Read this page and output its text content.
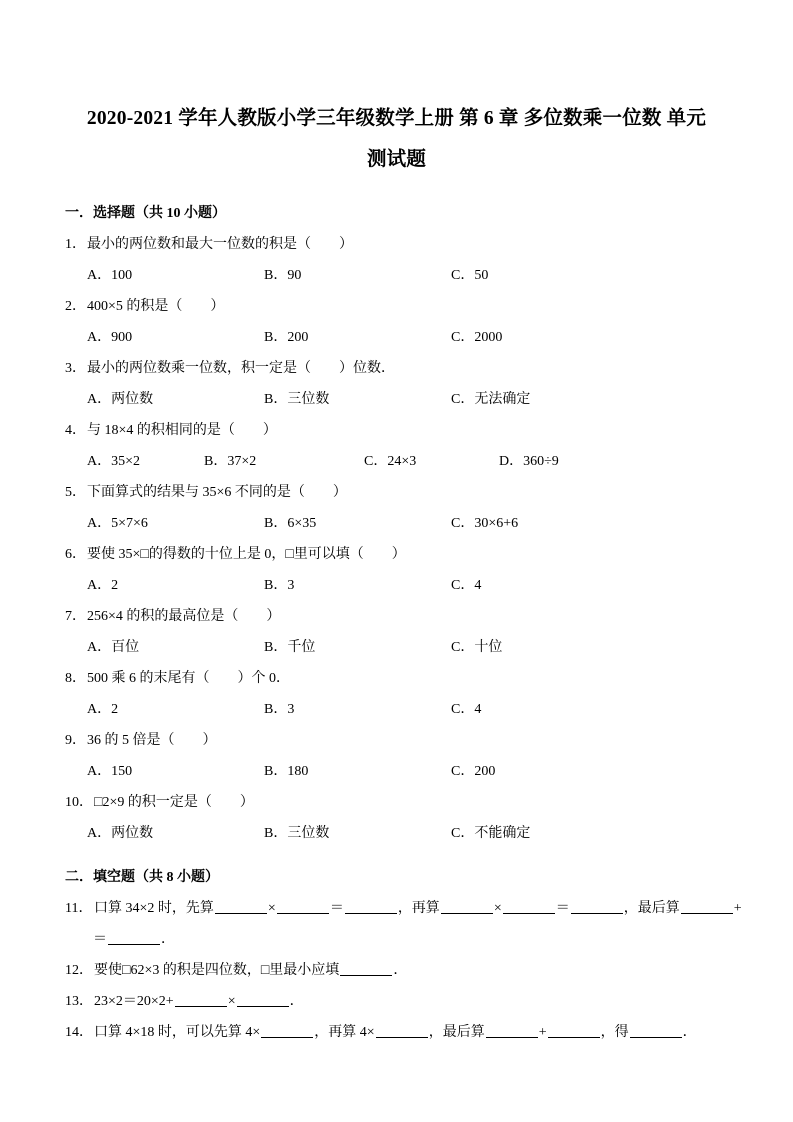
2020-2021 学年人教版小学三年级数学上册 第 6 章 多位数乘一位数 单元
测试题
一．选择题（共 10 小题）
1．最小的两位数和最大一位数的积是（　　）
A．100	B．90	C．50
2．400×5 的积是（　　）
A．900	B．200	C．2000
3．最小的两位数乘一位数，积一定是（　　）位数．
A．两位数	B．三位数	C．无法确定
4．与 18×4 的积相同的是（　　）
A．35×2	B．37×2	C．24×3	D．360÷9
5．下面算式的结果与 35×6 不同的是（　　）
A．5×7×6	B．6×35	C．30×6+6
6．要使 35×□的得数的十位上是 0，□里可以填（　　）
A．2	B．3	C．4
7．256×4 的积的最高位是（　　）
A．百位	B．千位	C．十位
8．500 乘 6 的末尾有（　　）个 0．
A．2	B．3	C．4
9．36 的 5 倍是（　　）
A．150	B．180	C．200
10．□2×9 的积一定是（　　）
A．两位数	B．三位数	C．不能确定
二．填空题（共 8 小题）
11． 口算 34×2 时，先算	×	＝	，再算	×	＝	，最后算	+
＝	．
12．要使□62×3 的积是四位数，□里最小应填	．
13．23×2＝20×2+	×	．
14．口算 4×18 时，可以先算 4×	，再算 4×	，最后算	+	，得	．
